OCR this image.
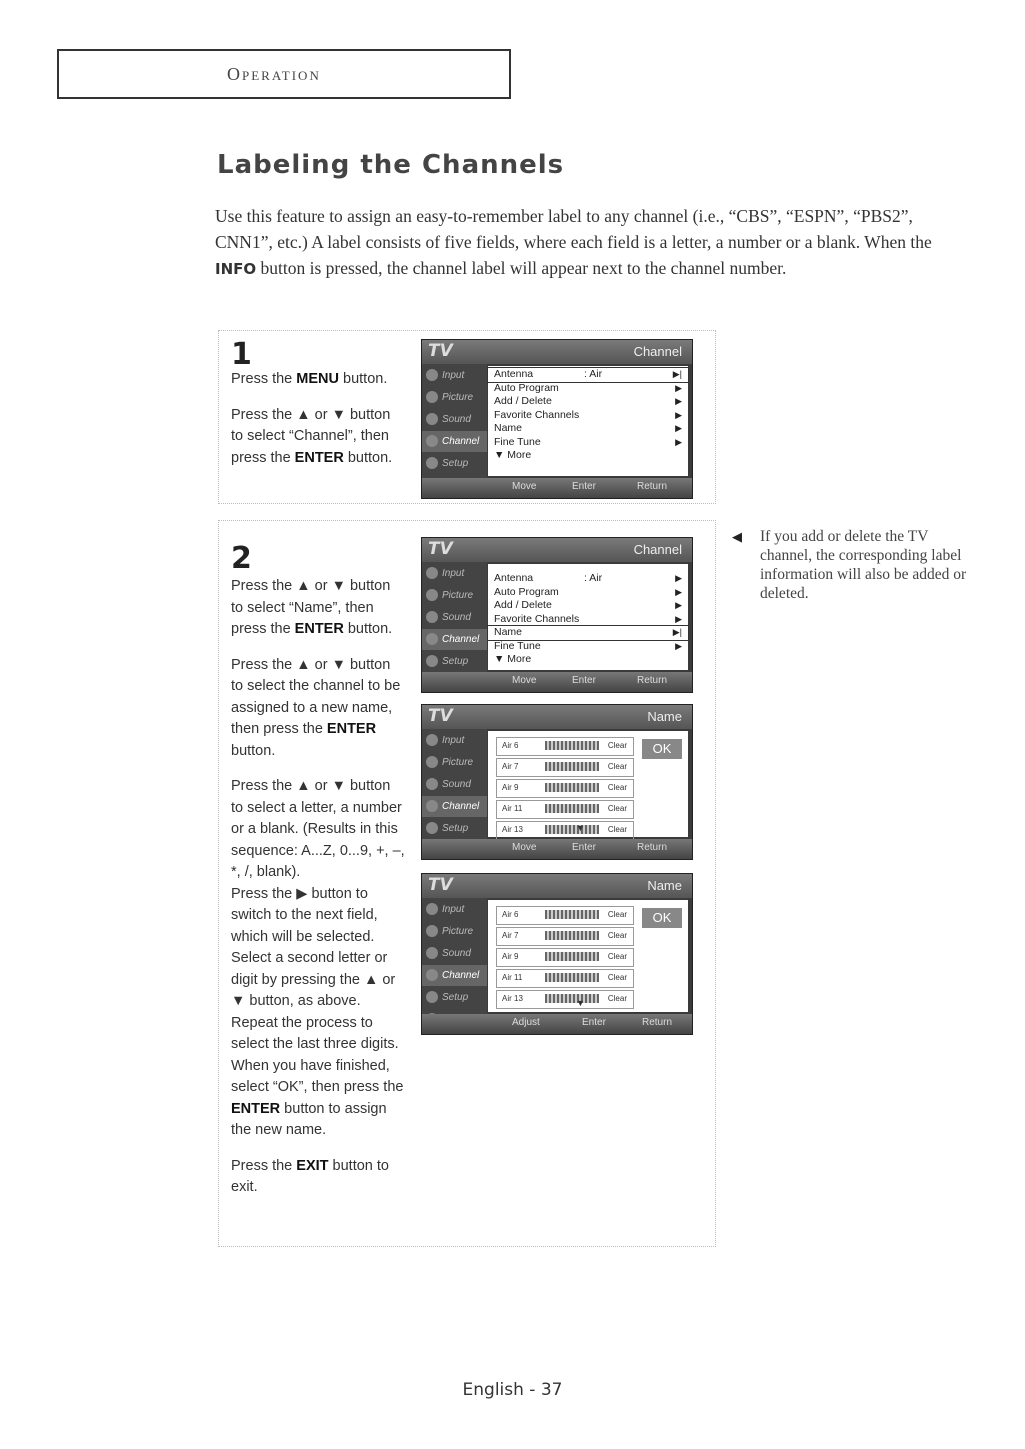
Operation
Labeling the Channels
Use this feature to assign an easy-to-remember label to any channel (i.e., “CBS”, “ESPN”, “PBS2”, CNN1”, etc.) A label consists of five fields, where each field is a letter, a number or a blank. When the INFO button is pressed, the channel label will appear next to the channel number.
1

Press the MENU button.

Press the ▲ or ▼ button to select “Channel”, then press the ENTER button.

TV	Channel
Input
Picture
Sound
Channel
Setup
Antenna	: Air	▶|
Auto Program	▶
Add / Delete	▶
Favorite Channels	▶
Name	▶
Fine Tune	▶
▼ More
Move	Enter	Return
2

Press the ▲ or ▼ button to select “Name”, then press the ENTER button.

Press the ▲ or ▼ button to select the channel to be assigned to a new name, then press the ENTER button.

Press the ▲ or ▼ button to select a letter, a number or a blank. (Results in this sequence: A...Z, 0...9, +, –, *, /, blank).

Press the ▶ button to switch to the next field, which will be selected.

Select a second letter or digit by pressing the ▲ or ▼ button, as above.

Repeat the process to select the last three digits.

When you have finished, select “OK”, then press the ENTER button to assign the new name.

Press the EXIT button to exit.

TV	Channel
Input
Picture
Sound
Channel
Setup
Antenna	: Air	▶
Auto Program	▶
Add / Delete	▶
Favorite Channels	▶
Name	▶|
Fine Tune	▶
▼ More
Move	Enter	Return
TV	Name
Input
Picture
Sound
Channel
Setup
Air 6	Clear
Air 7	Clear
Air 9	Clear
Air 11	Clear
Air 13	Clear
OK
▼
Move	Enter	Return
TV	Name
Input
Picture
Sound
Channel
Setup
Air 6	Clear
Air 7	Clear
Air 9	Clear
Air 11	Clear
Air 13	Clear
OK
▼
Adjust	Enter	Return
◀ If you add or delete the TV channel, the corresponding label information will also be added or deleted.
English - 37
